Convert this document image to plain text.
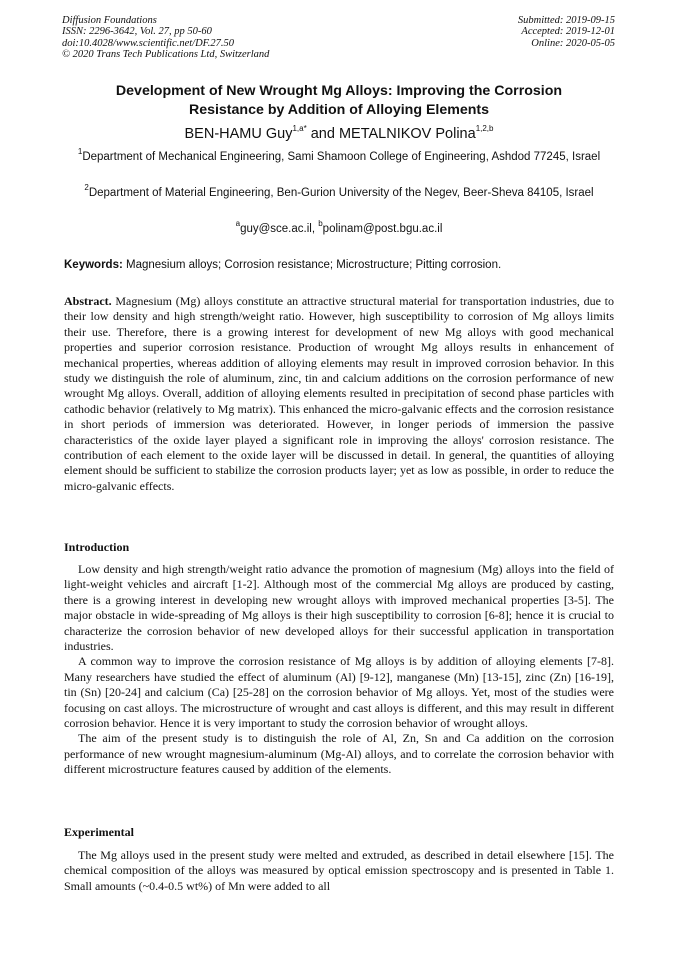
Diffusion Foundations
ISSN: 2296-3642, Vol. 27, pp 50-60
doi:10.4028/www.scientific.net/DF.27.50
© 2020 Trans Tech Publications Ltd, Switzerland
Submitted: 2019-09-15
Accepted: 2019-12-01
Online: 2020-05-05
Development of New Wrought Mg Alloys: Improving the Corrosion
Resistance by Addition of Alloying Elements
BEN-HAMU Guy$^{1,a*}$ and METALNIKOV Polina$^{1,2,b}$
$^1$Department of Mechanical Engineering, Sami Shamoon College of Engineering, Ashdod 77245, Israel
$^2$Department of Material Engineering, Ben-Gurion University of the Negev, Beer-Sheva 84105, Israel
$^a$guy@sce.ac.il, $^b$polinam@post.bgu.ac.il
Keywords: Magnesium alloys; Corrosion resistance; Microstructure; Pitting corrosion.

Abstract. Magnesium (Mg) alloys constitute an attractive structural material for transportation industries, due to their low density and high strength/weight ratio. However, high susceptibility to corrosion of Mg alloys limits their use. Therefore, there is a growing interest for development of new Mg alloys with good mechanical properties and superior corrosion resistance. Production of wrought Mg alloys results in enhancement of mechanical properties, whereas addition of alloying elements may result in improved corrosion behavior. In this study we distinguish the role of aluminum, zinc, tin and calcium additions on the corrosion performance of new wrought Mg alloys. Overall, addition of alloying elements resulted in precipitation of second phase particles with cathodic behavior (relatively to Mg matrix). This enhanced the micro-galvanic effects and the corrosion resistance in short periods of immersion was deteriorated. However, in longer periods of immersion the passive characteristics of the oxide layer played a significant role in improving the alloys' corrosion resistance. The contribution of each element to the oxide layer will be discussed in detail. In general, the quantities of alloying element should be sufficient to stabilize the corrosion products layer; yet as low as possible, in order to reduce the micro-galvanic effects.

Introduction

Low density and high strength/weight ratio advance the promotion of magnesium (Mg) alloys into the field of light-weight vehicles and aircraft [1-2]. Although most of the commercial Mg alloys are produced by casting, there is a growing interest in developing new wrought alloys with improved mechanical properties [3-5]. The major obstacle in wide-spreading of Mg alloys is their high susceptibility to corrosion [6-8]; hence it is crucial to characterize the corrosion behavior of new developed alloys for their successful application in transportation industries.

A common way to improve the corrosion resistance of Mg alloys is by addition of alloying elements [7-8]. Many researchers have studied the effect of aluminum (Al) [9-12], manganese (Mn) [13-15], zinc (Zn) [16-19], tin (Sn) [20-24] and calcium (Ca) [25-28] on the corrosion behavior of Mg alloys. Yet, most of the studies were focusing on cast alloys. The microstructure of wrought and cast alloys is different, and this may result in different corrosion behavior. Hence it is very important to study the corrosion behavior of wrought alloys.

The aim of the present study is to distinguish the role of Al, Zn, Sn and Ca addition on the corrosion performance of new wrought magnesium-aluminum (Mg-Al) alloys, and to correlate the corrosion behavior with different microstructure features caused by addition of the elements.

Experimental

The Mg alloys used in the present study were melted and extruded, as described in detail elsewhere [15]. The chemical composition of the alloys was measured by optical emission spectroscopy and is presented in Table 1. Small amounts (~0.4-0.5 wt%) of Mn were added to all
